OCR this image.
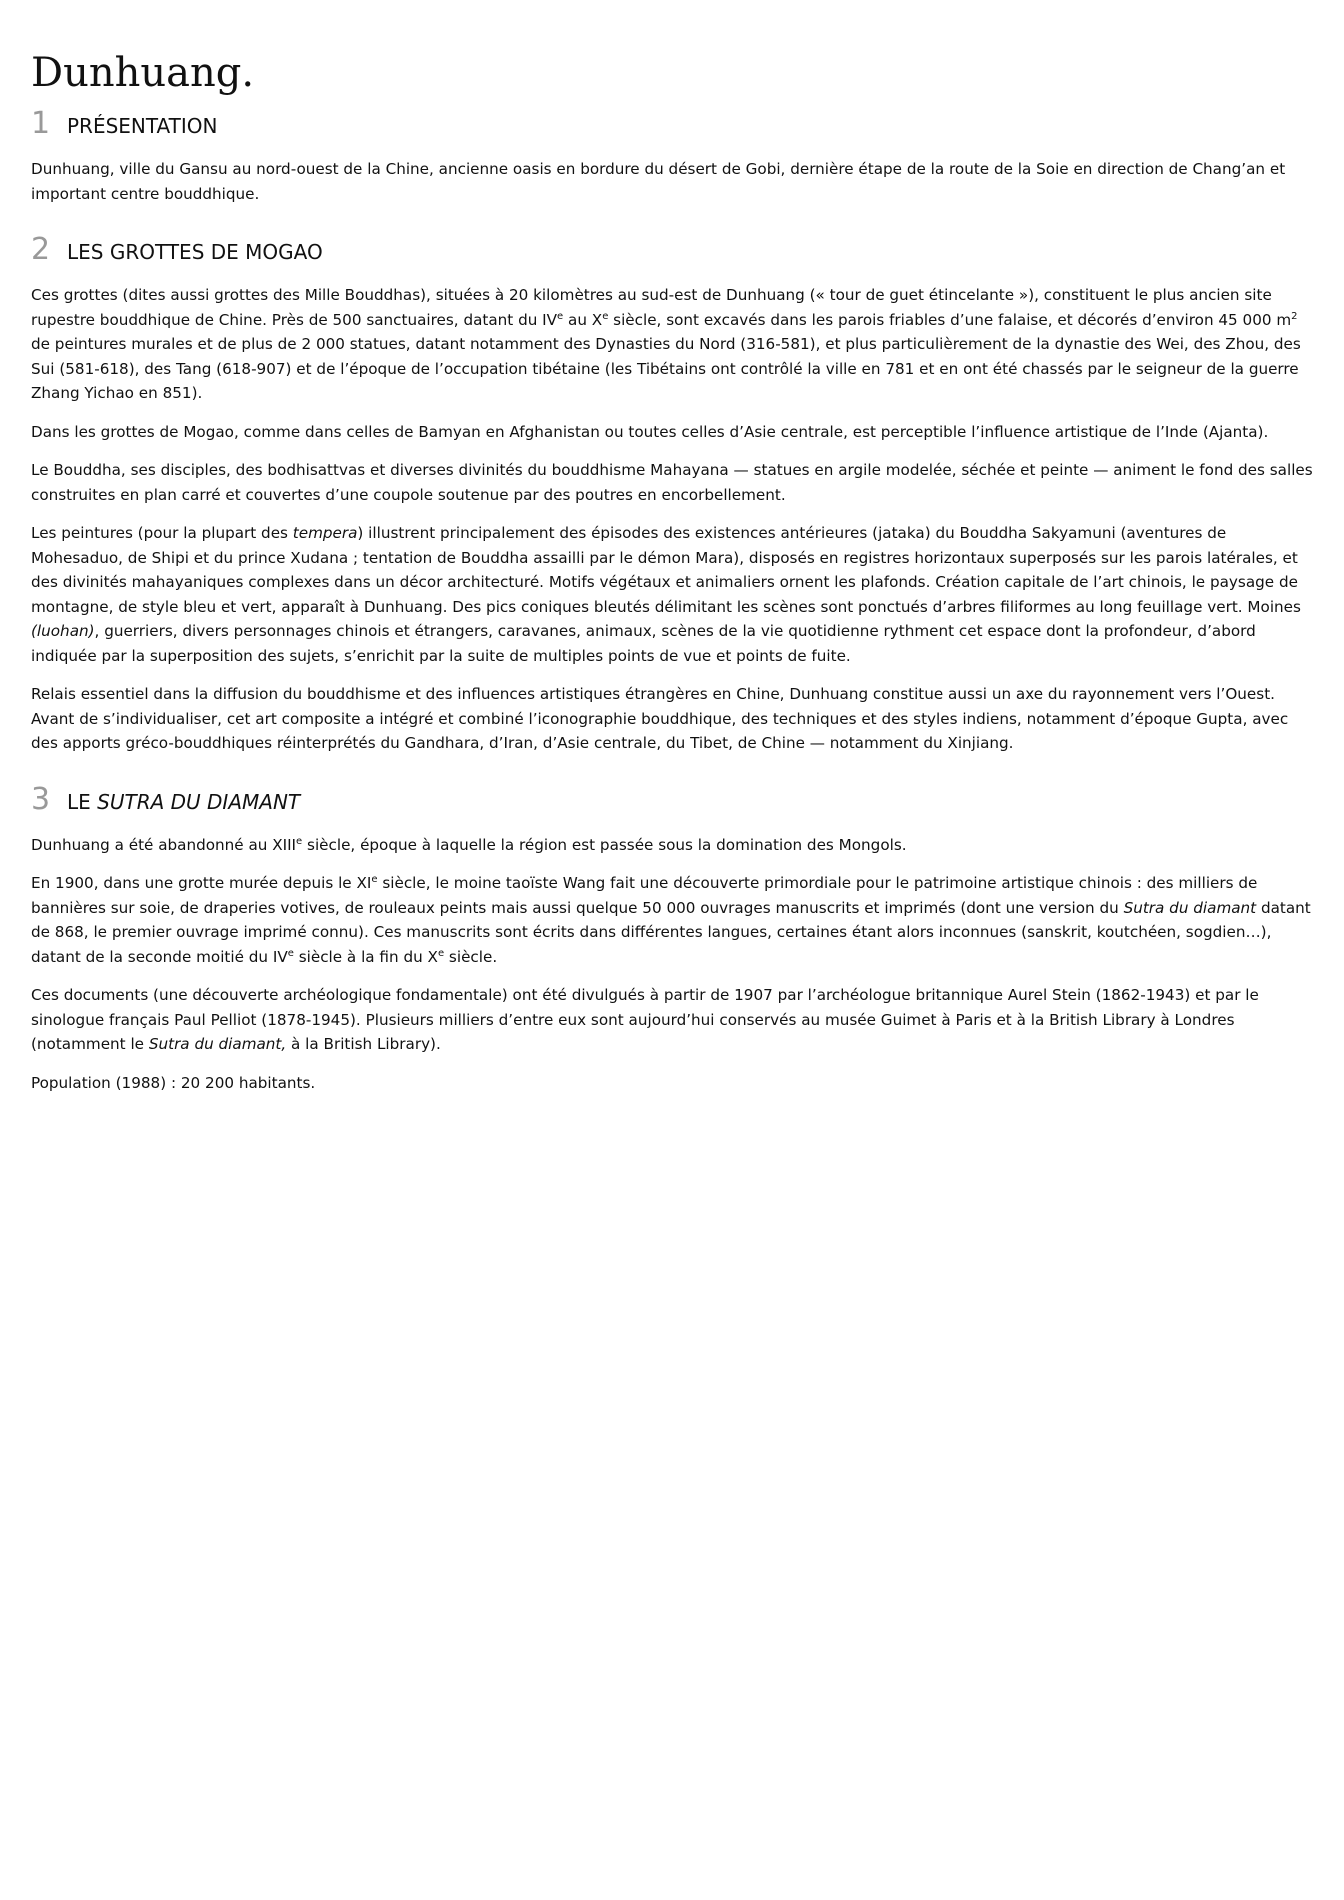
Dunhuang.
1 PRÉSENTATION

Dunhuang, ville du Gansu au nord-ouest de la Chine, ancienne oasis en bordure du désert de Gobi, dernière étape de la route de la Soie en direction de Chang’an et important centre bouddhique.

2 LES GROTTES DE MOGAO

Ces grottes (dites aussi grottes des Mille Bouddhas), situées à 20 kilomètres au sud-est de Dunhuang (« tour de guet étincelante »), constituent le plus ancien site rupestre bouddhique de Chine. Près de 500 sanctuaires, datant du IVe au Xe siècle, sont excavés dans les parois friables d’une falaise, et décorés d’environ 45 000 $m^2$ de peintures murales et de plus de 2 000 statues, datant notamment des Dynasties du Nord (316-581), et plus particulièrement de la dynastie des Wei, des Zhou, des Sui (581-618), des Tang (618-907) et de l’époque de l’occupation tibétaine (les Tibétains ont contrôlé la ville en 781 et en ont été chassés par le seigneur de la guerre Zhang Yichao en 851).

Dans les grottes de Mogao, comme dans celles de Bamyan en Afghanistan ou toutes celles d’Asie centrale, est perceptible l’influence artistique de l’Inde (Ajanta).

Le Bouddha, ses disciples, des bodhisattvas et diverses divinités du bouddhisme Mahayana — statues en argile modelée, séchée et peinte — animent le fond des salles construites en plan carré et couvertes d’une coupole soutenue par des poutres en encorbellement.

Les peintures (pour la plupart des tempera) illustrent principalement des épisodes des existences antérieures (jataka) du Bouddha Sakyamuni (aventures de Mohesaduo, de Shipi et du prince Xudana ; tentation de Bouddha assailli par le démon Mara), disposés en registres horizontaux superposés sur les parois latérales, et des divinités mahayaniques complexes dans un décor architecturé. Motifs végétaux et animaliers ornent les plafonds. Création capitale de l’art chinois, le paysage de montagne, de style bleu et vert, apparaît à Dunhuang. Des pics coniques bleutés délimitant les scènes sont ponctués d’arbres filiformes au long feuillage vert. Moines (luohan), guerriers, divers personnages chinois et étrangers, caravanes, animaux, scènes de la vie quotidienne rythment cet espace dont la profondeur, d’abord indiquée par la superposition des sujets, s’enrichit par la suite de multiples points de vue et points de fuite.

Relais essentiel dans la diffusion du bouddhisme et des influences artistiques étrangères en Chine, Dunhuang constitue aussi un axe du rayonnement vers l’Ouest. Avant de s’individualiser, cet art composite a intégré et combiné l’iconographie bouddhique, des techniques et des styles indiens, notamment d’époque Gupta, avec des apports gréco-bouddhiques réinterprétés du Gandhara, d’Iran, d’Asie centrale, du Tibet, de Chine — notamment du Xinjiang.

3 LE SUTRA DU DIAMANT

Dunhuang a été abandonné au XIIIe siècle, époque à laquelle la région est passée sous la domination des Mongols.

En 1900, dans une grotte murée depuis le XIe siècle, le moine taoïste Wang fait une découverte primordiale pour le patrimoine artistique chinois : des milliers de bannières sur soie, de draperies votives, de rouleaux peints mais aussi quelque 50 000 ouvrages manuscrits et imprimés (dont une version du Sutra du diamant datant de 868, le premier ouvrage imprimé connu). Ces manuscrits sont écrits dans différentes langues, certaines étant alors inconnues (sanskrit, koutchéen, sogdien…), datant de la seconde moitié du IVe siècle à la fin du Xe siècle.

Ces documents (une découverte archéologique fondamentale) ont été divulgués à partir de 1907 par l’archéologue britannique Aurel Stein (1862-1943) et par le sinologue français Paul Pelliot (1878-1945). Plusieurs milliers d’entre eux sont aujourd’hui conservés au musée Guimet à Paris et à la British Library à Londres (notamment le Sutra du diamant, à la British Library).

Population (1988) : 20 200 habitants.
